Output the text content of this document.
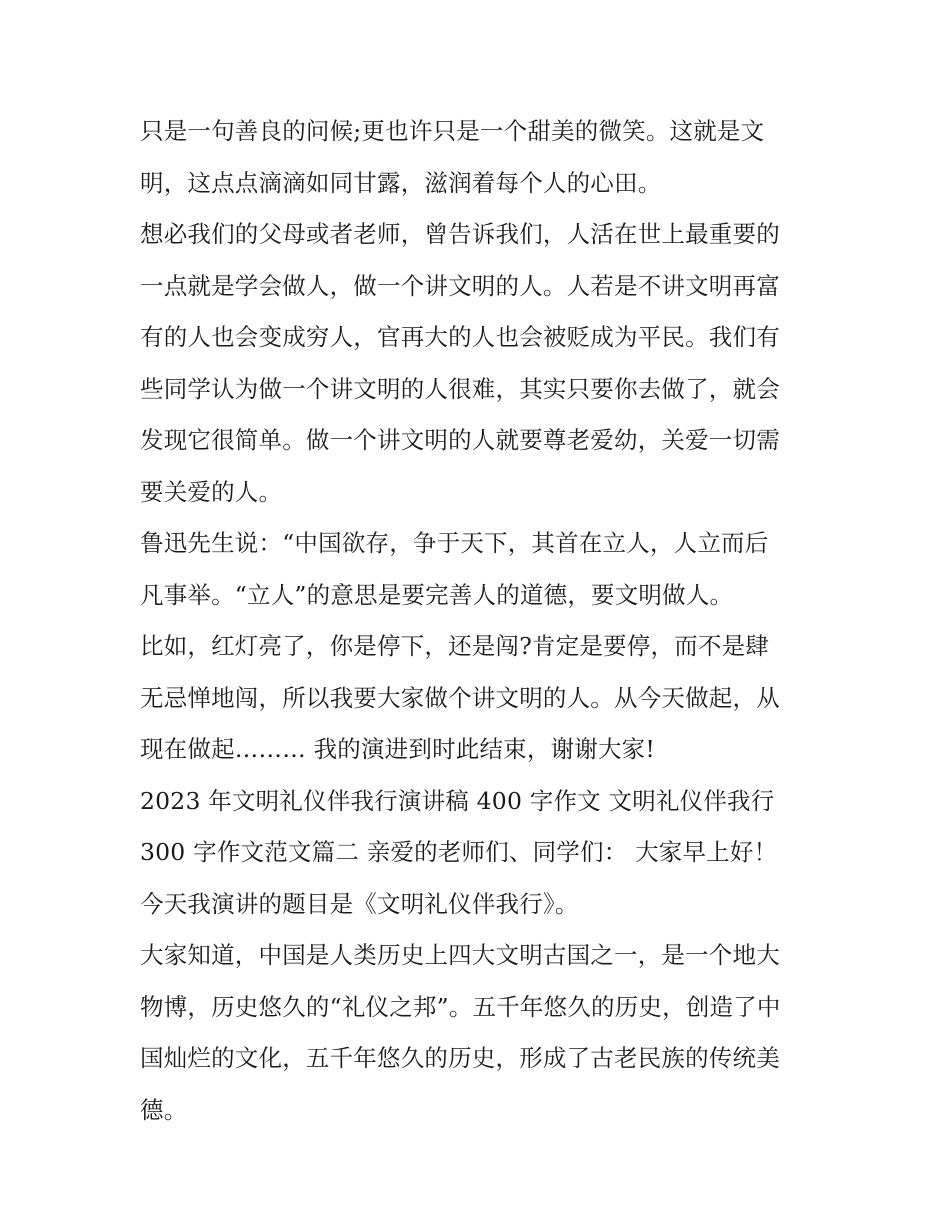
只是一句善良的问候;更也许只是一个甜美的微笑。这就是文
明，这点点滴滴如同甘露，滋润着每个人的心田。
想必我们的父母或者老师，曾告诉我们，人活在世上最重要的
一点就是学会做人，做一个讲文明的人。人若是不讲文明再富
有的人也会变成穷人，官再大的人也会被贬成为平民。我们有
些同学认为做一个讲文明的人很难，其实只要你去做了，就会
发现它很简单。做一个讲文明的人就要尊老爱幼，关爱一切需
要关爱的人。
鲁迅先生说：“中国欲存，争于天下，其首在立人，人立而后
凡事举。“立人”的意思是要完善人的道德，要文明做人。
比如，红灯亮了，你是停下，还是闯?肯定是要停，而不是肆
无忌惮地闯，所以我要大家做个讲文明的人。从今天做起，从
现在做起……… 我的演进到时此结束，谢谢大家!
2023 年文明礼仪伴我行演讲稿 400 字作文 文明礼仪伴我行
300 字作文范文篇二 亲爱的老师们、同学们： 大家早上好！
今天我演讲的题目是《文明礼仪伴我行》。
大家知道，中国是人类历史上四大文明古国之一，是一个地大
物博，历史悠久的“礼仪之邦”。五千年悠久的历史，创造了中
国灿烂的文化，五千年悠久的历史，形成了古老民族的传统美
德。
